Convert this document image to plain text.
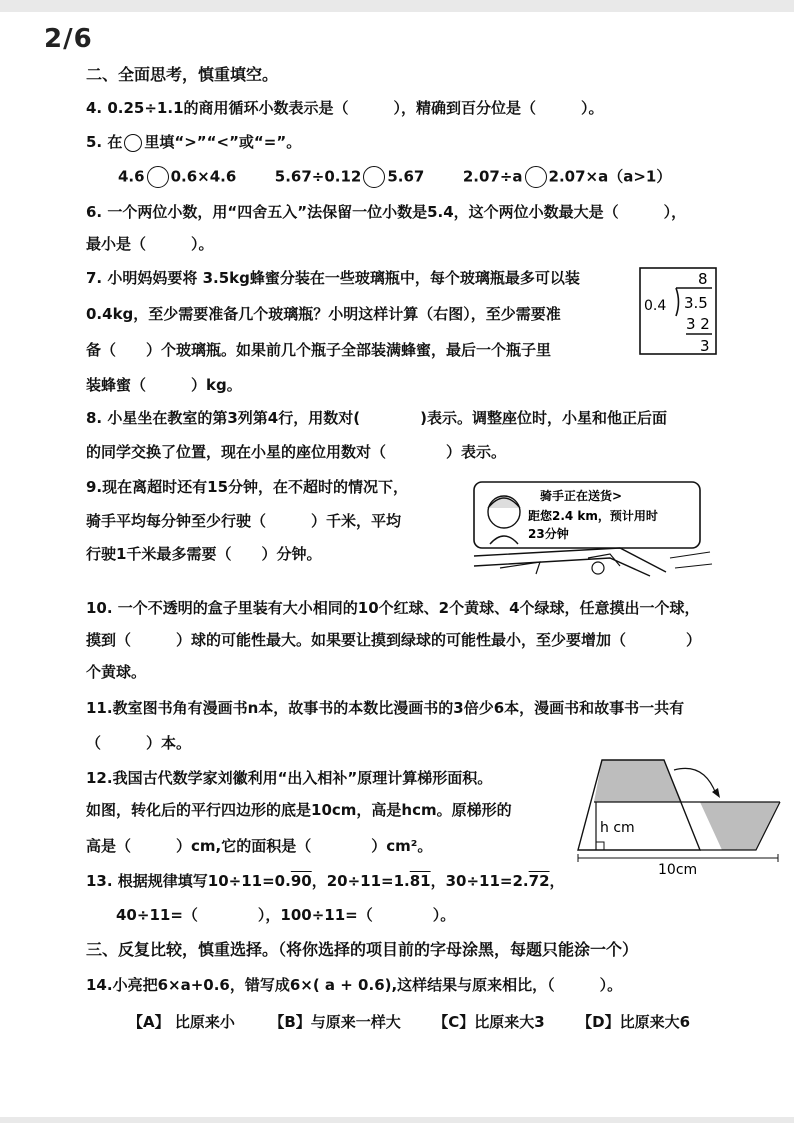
2/6
二、全面思考，慎重填空。
4. 0.25÷1.1的商用循环小数表示是（　　　），精确到百分位是（　　　）。
5. 在 里填“>”“<”或“=”。
4.6 0.6×4.6	5.67÷0.12 5.67	2.07÷a 2.07×a（a>1）
6. 一个两位小数，用“四舍五入”法保留一位小数是5.4，这个两位小数最大是（　　　），
最小是（　　　）。
7. 小明妈妈要将 3.5kg蜂蜜分装在一些玻璃瓶中，每个玻璃瓶最多可以装
0.4kg，至少需要准备几个玻璃瓶？小明这样计算（右图），至少需要准
备（　　）个玻璃瓶。如果前几个瓶子全部装满蜂蜜，最后一个瓶子里
装蜂蜜（　　　）kg。
8
0.4 3.5
3 2
3
8. 小星坐在教室的第3列第4行，用数对(　　　　)表示。调整座位时，小星和他正后面
的同学交换了位置，现在小星的座位用数对（　　　　）表示。
9.现在离超时还有15分钟，在不超时的情况下，
骑手平均每分钟至少行驶（　　　）千米，平均
行驶1千米最多需要（　　）分钟。
骑手正在送货>
距您2.4 km，预计用时
23分钟
10. 一个不透明的盒子里装有大小相同的10个红球、2个黄球、4个绿球，任意摸出一个球，
摸到（　　　）球的可能性最大。如果要让摸到绿球的可能性最小，至少要增加（　　　　）
个黄球。
11.教室图书角有漫画书n本，故事书的本数比漫画书的3倍少6本，漫画书和故事书一共有
（　　　）本。
12.我国古代数学家刘徽利用“出入相补”原理计算梯形面积。
如图，转化后的平行四边形的底是10cm，高是hcm。原梯形的
高是（　　　）cm,它的面积是（　　　　）cm²。
h cm
10cm
13. 根据规律填写10÷11=0.90，20÷11=1.81，30÷11=2.72，
40÷11=（　　　　），100÷11=（　　　　）。
三、反复比较，慎重选择。（将你选择的项目前的字母涂黑，每题只能涂一个）
14.小亮把6×a+0.6，错写成6×( a + 0.6),这样结果与原来相比，（　　　）。
【A】 比原来小 【B】与原来一样大 【C】比原来大3 【D】比原来大6
